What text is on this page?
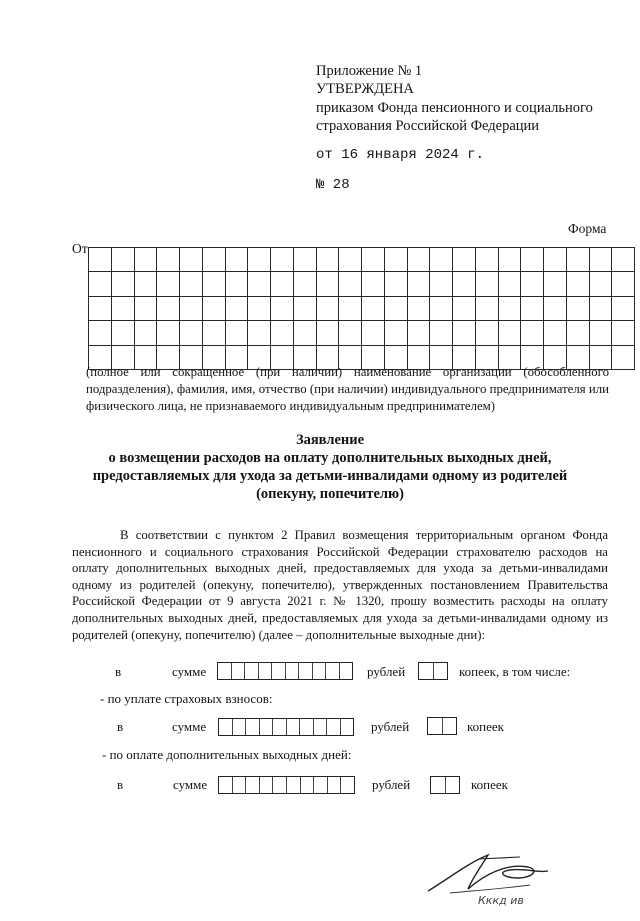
Приложение № 1
УТВЕРЖДЕНА
приказом Фонда пенсионного и социального
страхования Российской Федерации
от 16 января 2024 г.
№ 28
Форма
От

(полное или сокращенное (при наличии) наименование организации (обособленного подразделения), фамилия, имя, отчество (при наличии) индивидуального предпринимателя или физического лица, не признаваемого индивидуальным предпринимателем)
Заявление
о возмещении расходов на оплату дополнительных выходных дней,
предоставляемых для ухода за детьми-инвалидами одному из родителей
(опекуну, попечителю)
В соответствии с пунктом 2 Правил возмещения территориальным органом Фонда пенсионного и социального страхования Российской Федерации страхователю расходов на оплату дополнительных выходных дней, предоставляемых для ухода за детьми-инвалидами одному из родителей (опекуну, попечителю), утвержденных постановлением Правительства Российской Федерации от 9 августа 2021 г. № 1320, прошу возместить расходы на оплату дополнительных выходных дней, предоставляемых для ухода за детьми-инвалидами одному из родителей (опекуну, попечителю) (далее – дополнительные выходные дни):
в	сумме	рублей	копеек, в том числе:
- по уплате страховых взносов:
в	сумме	рублей	копеек
- по оплате дополнительных выходных дней:
в	сумме	рублей	копеек
Кккд ив
